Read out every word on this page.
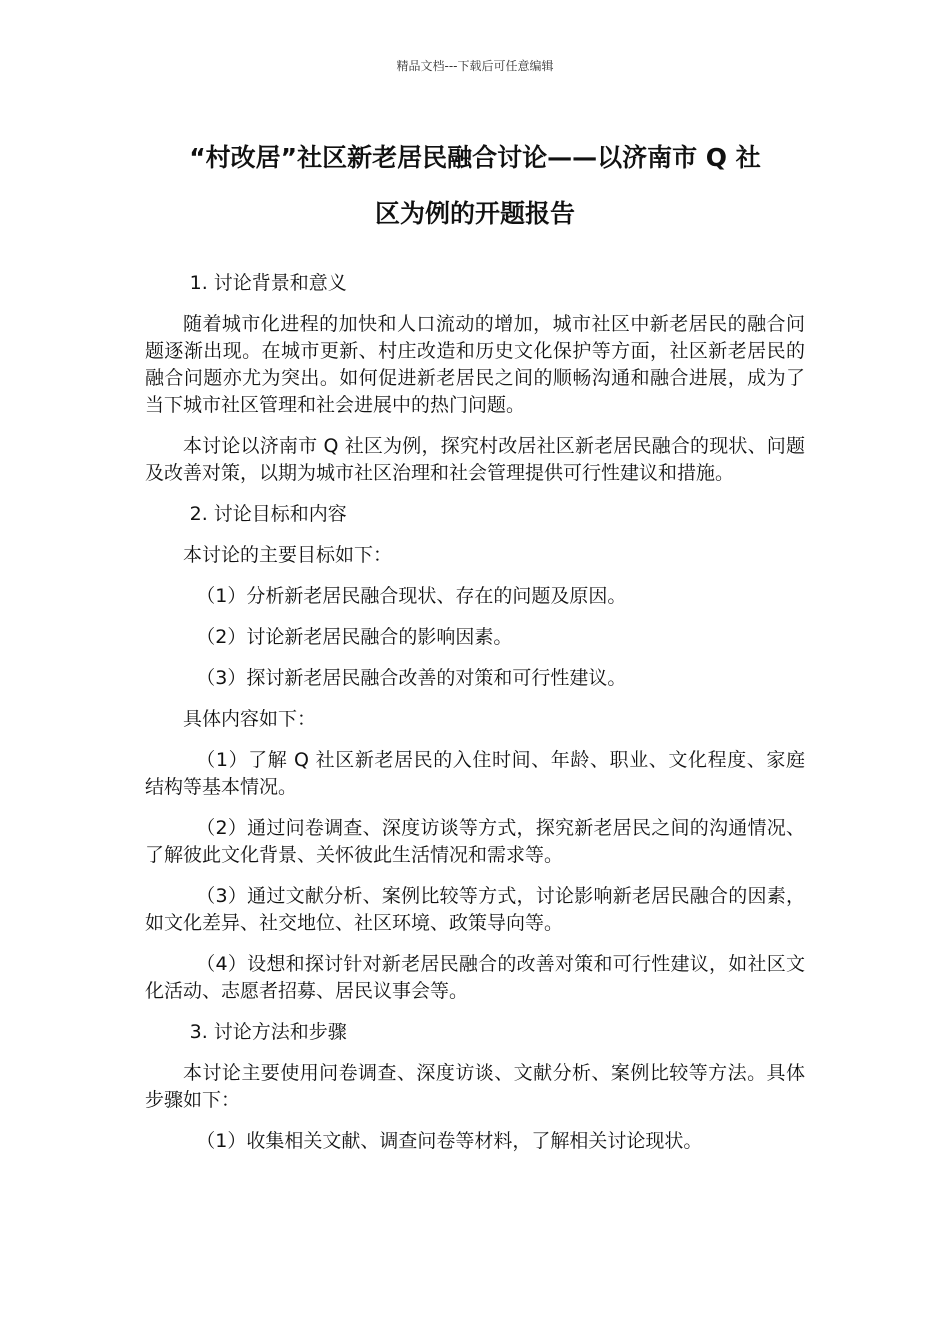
精品文档---下载后可任意编辑
“村改居”社区新老居民融合讨论——以济南市 Q 社
区为例的开题报告

1. 讨论背景和意义

随着城市化进程的加快和人口流动的增加，城市社区中新老居民的融合问题逐渐出现。在城市更新、村庄改造和历史文化保护等方面，社区新老居民的融合问题亦尤为突出。如何促进新老居民之间的顺畅沟通和融合进展，成为了当下城市社区管理和社会进展中的热门问题。

本讨论以济南市 Q 社区为例，探究村改居社区新老居民融合的现状、问题及改善对策，以期为城市社区治理和社会管理提供可行性建议和措施。

2. 讨论目标和内容

本讨论的主要目标如下：

（1）分析新老居民融合现状、存在的问题及原因。

（2）讨论新老居民融合的影响因素。

（3）探讨新老居民融合改善的对策和可行性建议。

具体内容如下：

（1）了解 Q 社区新老居民的入住时间、年龄、职业、文化程度、家庭结构等基本情况。

（2）通过问卷调查、深度访谈等方式，探究新老居民之间的沟通情况、了解彼此文化背景、关怀彼此生活情况和需求等。

（3）通过文献分析、案例比较等方式，讨论影响新老居民融合的因素，如文化差异、社交地位、社区环境、政策导向等。

（4）设想和探讨针对新老居民融合的改善对策和可行性建议，如社区文化活动、志愿者招募、居民议事会等。

3. 讨论方法和步骤

本讨论主要使用问卷调查、深度访谈、文献分析、案例比较等方法。具体步骤如下：

（1）收集相关文献、调查问卷等材料，了解相关讨论现状。
